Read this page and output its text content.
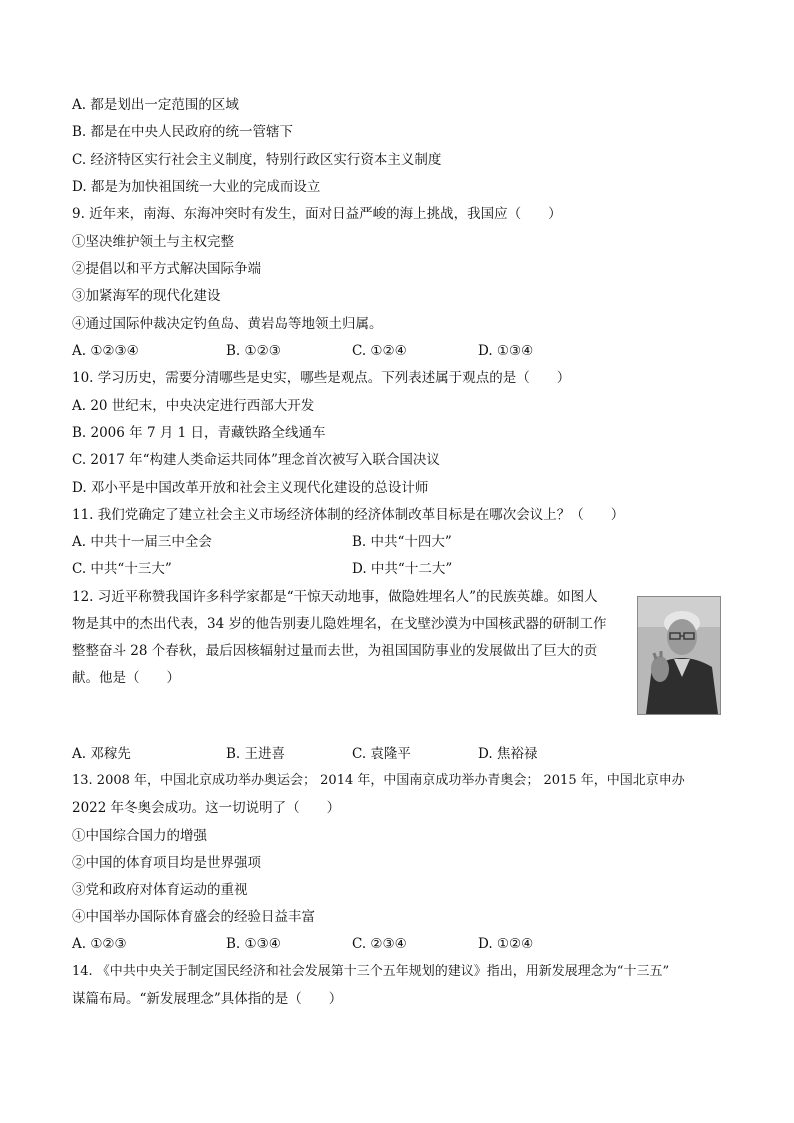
A. 都是划出一定范围的区域
B. 都是在中央人民政府的统一管辖下
C. 经济特区实行社会主义制度，特别行政区实行资本主义制度
D. 都是为加快祖国统一大业的完成而设立
9. 近年来，南海、东海冲突时有发生，面对日益严峻的海上挑战，我国应（　　）
①坚决维护领土与主权完整
②提倡以和平方式解决国际争端
③加紧海军的现代化建设
④通过国际仲裁决定钓鱼岛、黄岩岛等地领土归属。
A. ①②③④	B. ①②③	C. ①②④	D. ①③④
10. 学习历史，需要分清哪些是史实，哪些是观点。下列表述属于观点的是（　　）
A. 20 世纪末，中央决定进行西部大开发
B. 2006 年 7 月 1 日，青藏铁路全线通车
C. 2017 年“构建人类命运共同体”理念首次被写入联合国决议
D. 邓小平是中国改革开放和社会主义现代化建设的总设计师
11. 我们党确定了建立社会主义市场经济体制的经济体制改革目标是在哪次会议上？（　　）
A. 中共十一届三中全会	B. 中共“十四大”
C. 中共“十三大”	D. 中共“十二大”
12. 习近平称赞我国许多科学家都是“干惊天动地事，做隐姓埋名人”的民族英雄。如图人
物是其中的杰出代表，34 岁的他告别妻儿隐姓埋名，在戈壁沙漠为中国核武器的研制工作
整整奋斗 28 个春秋，最后因核辐射过量而去世，为祖国国防事业的发展做出了巨大的贡
献。他是（　　）
A. 邓稼先	B. 王进喜	C. 袁隆平	D. 焦裕禄
13. 2008 年，中国北京成功举办奥运会； 2014 年，中国南京成功举办青奥会； 2015 年，中国北京申办
2022 年冬奥会成功。这一切说明了（　　）
①中国综合国力的增强
②中国的体育项目均是世界强项
③党和政府对体育运动的重视
④中国举办国际体育盛会的经验日益丰富
A. ①②③	B. ①③④	C. ②③④	D. ①②④
14. 《中共中央关于制定国民经济和社会发展第十三个五年规划的建议》指出，用新发展理念为“十三五”
谋篇布局。“新发展理念”具体指的是（　　）
